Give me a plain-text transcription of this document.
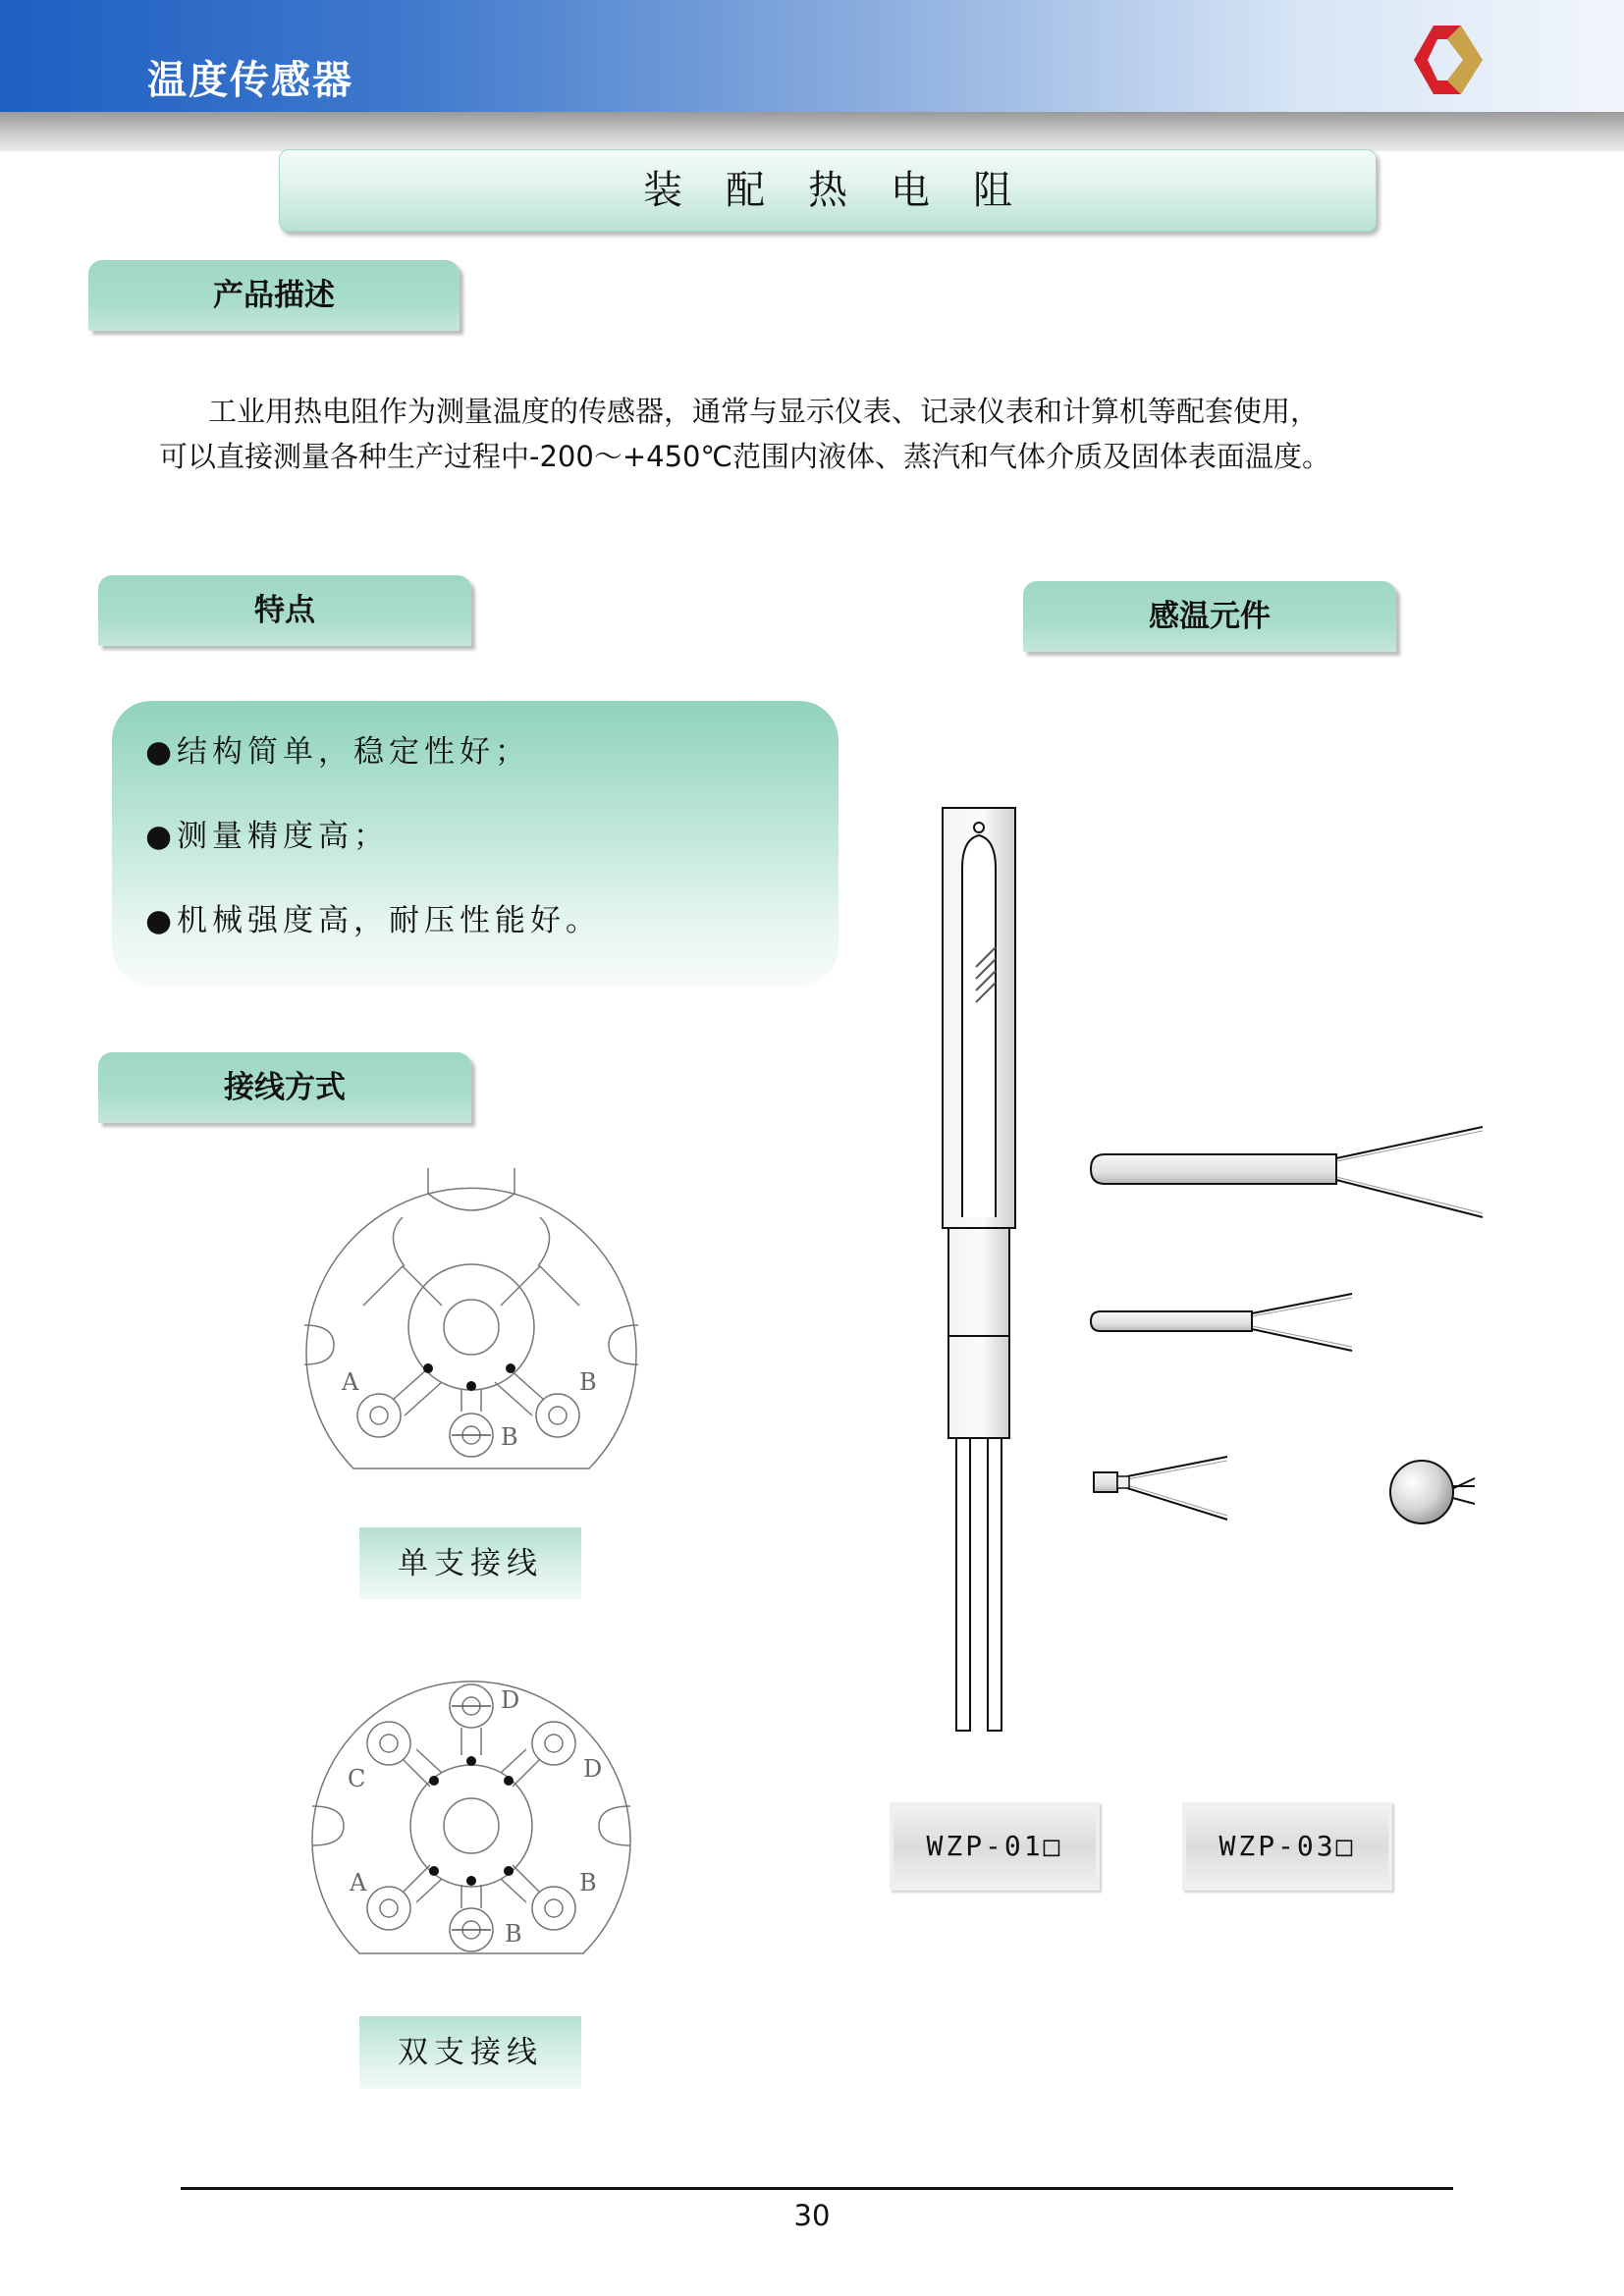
温度传感器
装配热电阻
产品描述

工业用热电阻作为测量温度的传感器，通常与显示仪表、记录仪表和计算机等配套使用，

可以直接测量各种生产过程中-200～+450℃范围内液体、蒸汽和气体介质及固体表面温度。

特点
●结构简单，稳定性好；
●测量精度高；
●机械强度高，耐压性能好。
感温元件
接线方式
A	B
B
单支接线
D
D
C
A	B
B
双支接线
WZP-01□	WZP-03□
30
